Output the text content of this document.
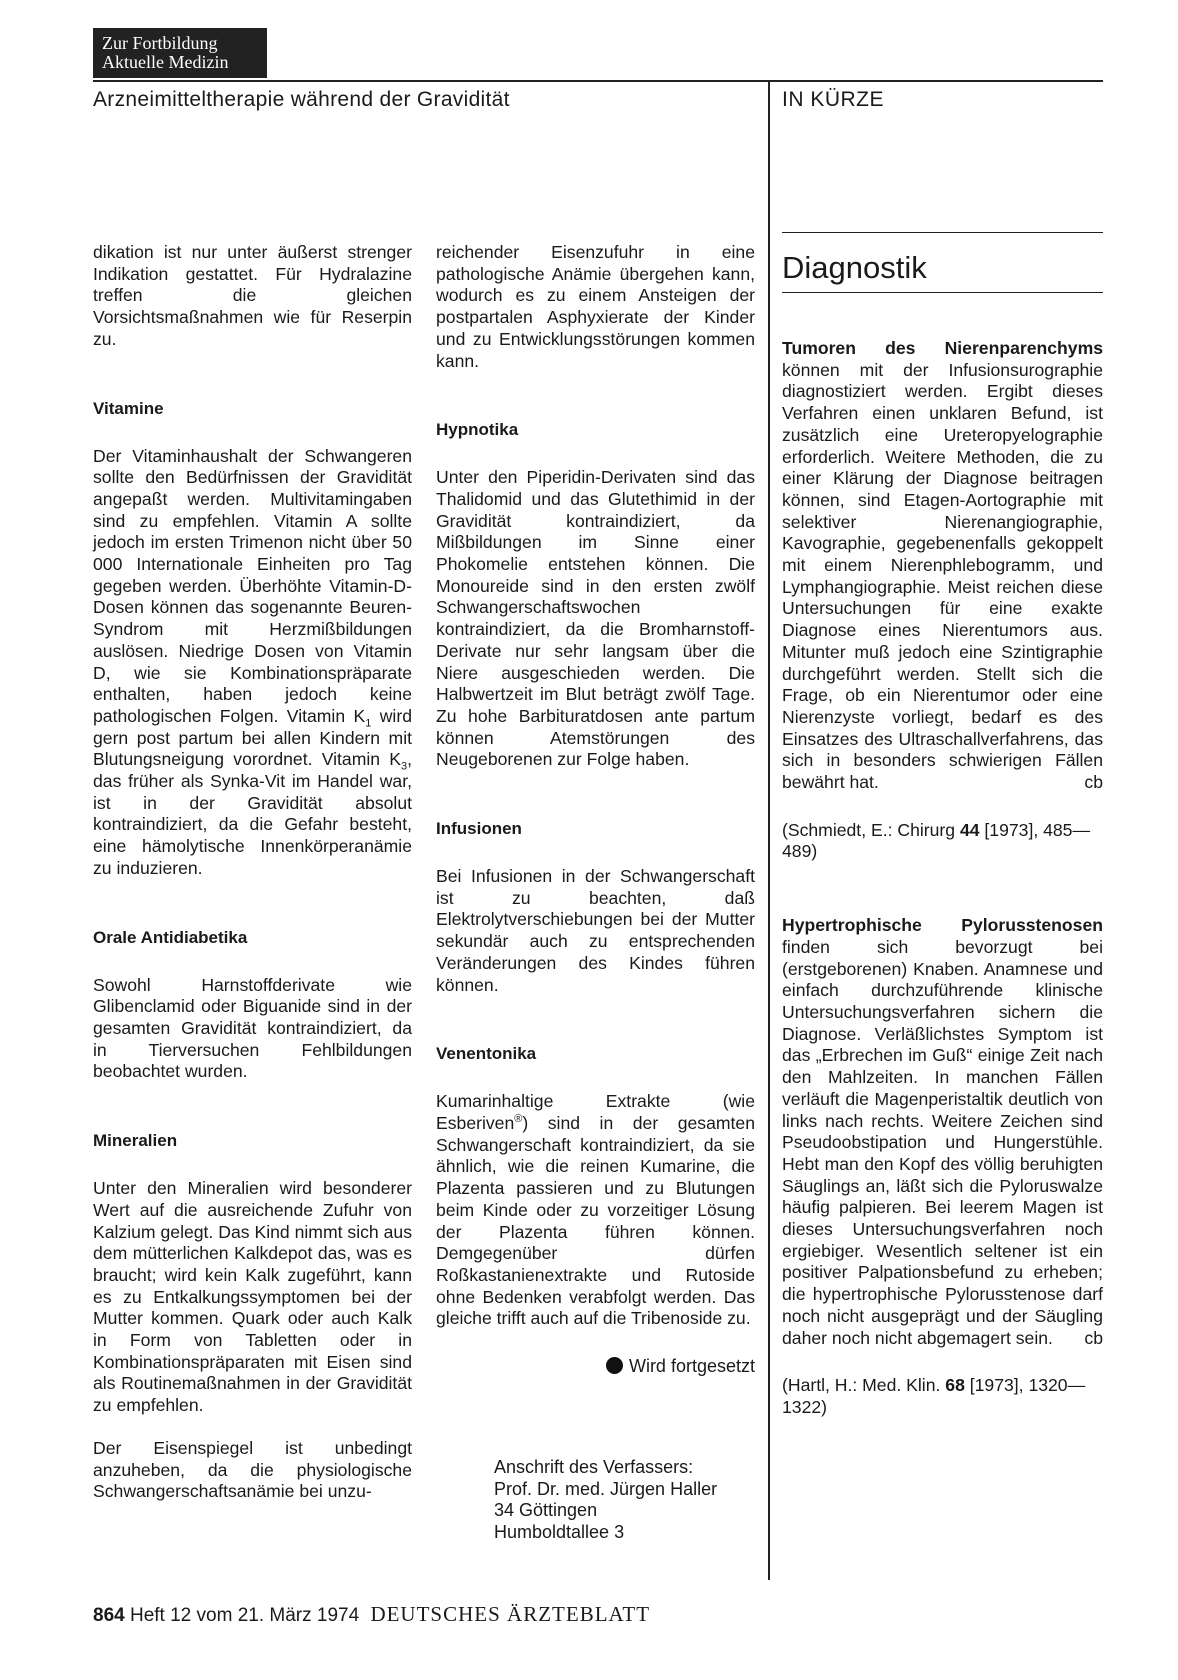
Zur Fortbildung
Aktuelle Medizin
Arzneimitteltherapie während der Gravidität	IN KÜRZE

dikation ist nur unter äußerst strenger Indikation gestattet. Für Hydralazine treffen die gleichen Vorsichtsmaßnahmen wie für Reserpin zu.

Vitamine

Der Vitaminhaushalt der Schwangeren sollte den Bedürfnissen der Gravidität angepaßt werden. Multivitamingaben sind zu empfehlen. Vitamin A sollte jedoch im ersten Trimenon nicht über 50 000 Internationale Einheiten pro Tag gegeben werden. Überhöhte Vitamin-D-Dosen können das sogenannte Beuren-Syndrom mit Herzmißbildungen auslösen. Niedrige Dosen von Vitamin D, wie sie Kombinationspräparate enthalten, haben jedoch keine pathologischen Folgen. Vitamin $K_1$ wird gern post partum bei allen Kindern mit Blutungsneigung vorordnet. Vitamin $K_3$, das früher als Synka-Vit im Handel war, ist in der Gravidität absolut kontraindiziert, da die Gefahr besteht, eine hämolytische Innenkörperanämie zu induzieren.

Orale Antidiabetika

Sowohl Harnstoffderivate wie Glibenclamid oder Biguanide sind in der gesamten Gravidität kontraindiziert, da in Tierversuchen Fehlbildungen beobachtet wurden.

Mineralien

Unter den Mineralien wird besonderer Wert auf die ausreichende Zufuhr von Kalzium gelegt. Das Kind nimmt sich aus dem mütterlichen Kalkdepot das, was es braucht; wird kein Kalk zugeführt, kann es zu Entkalkungssymptomen bei der Mutter kommen. Quark oder auch Kalk in Form von Tabletten oder in Kombinationspräparaten mit Eisen sind als Routinemaßnahmen in der Gravidität zu empfehlen.

Der Eisenspiegel ist unbedingt anzuheben, da die physiologische Schwangerschaftsanämie bei unzu-

reichender Eisenzufuhr in eine pathologische Anämie übergehen kann, wodurch es zu einem Ansteigen der postpartalen Asphyxierate der Kinder und zu Entwicklungsstörungen kommen kann.

Hypnotika

Unter den Piperidin-Derivaten sind das Thalidomid und das Glutethimid in der Gravidität kontraindiziert, da Mißbildungen im Sinne einer Phokomelie entstehen können. Die Monoureide sind in den ersten zwölf Schwangerschaftswochen kontraindiziert, da die Bromharnstoff-Derivate nur sehr langsam über die Niere ausgeschieden werden. Die Halbwertzeit im Blut beträgt zwölf Tage. Zu hohe Barbituratdosen ante partum können Atemstörungen des Neugeborenen zur Folge haben.

Infusionen

Bei Infusionen in der Schwangerschaft ist zu beachten, daß Elektrolytverschiebungen bei der Mutter sekundär auch zu entsprechenden Veränderungen des Kindes führen können.

Venentonika

Kumarinhaltige Extrakte (wie Esberiven®) sind in der gesamten Schwangerschaft kontraindiziert, da sie ähnlich, wie die reinen Kumarine, die Plazenta passieren und zu Blutungen beim Kinde oder zu vorzeitiger Lösung der Plazenta führen können. Demgegenüber dürfen Roßkastanienextrakte und Rutoside ohne Bedenken verabfolgt werden. Das gleiche trifft auch auf die Tribenoside zu.

Wird fortgesetzt

Anschrift des Verfassers:
Prof. Dr. med. Jürgen Haller
34 Göttingen
Humboldtallee 3
Diagnostik

Tumoren des Nierenparenchyms können mit der Infusionsurographie diagnostiziert werden. Ergibt dieses Verfahren einen unklaren Befund, ist zusätzlich eine Ureteropyelographie erforderlich. Weitere Methoden, die zu einer Klärung der Diagnose beitragen können, sind Etagen-Aortographie mit selektiver Nierenangiographie, Kavographie, gegebenenfalls gekoppelt mit einem Nierenphlebogramm, und Lymphangiographie. Meist reichen diese Untersuchungen für eine exakte Diagnose eines Nierentumors aus. Mitunter muß jedoch eine Szintigraphie durchgeführt werden. Stellt sich die Frage, ob ein Nierentumor oder eine Nierenzyste vorliegt, bedarf es des Einsatzes des Ultraschallverfahrens, das sich in besonders schwierigen Fällen bewährt hat.	cb

(Schmiedt, E.: Chirurg 44 [1973], 485—489)

Hypertrophische Pylorusstenosen finden sich bevorzugt bei (erstgeborenen) Knaben. Anamnese und einfach durchzuführende klinische Untersuchungsverfahren sichern die Diagnose. Verläßlichstes Symptom ist das „Erbrechen im Guß“ einige Zeit nach den Mahlzeiten. In manchen Fällen verläuft die Magenperistaltik deutlich von links nach rechts. Weitere Zeichen sind Pseudoobstipation und Hungerstühle. Hebt man den Kopf des völlig beruhigten Säuglings an, läßt sich die Pyloruswalze häufig palpieren. Bei leerem Magen ist dieses Untersuchungsverfahren noch ergiebiger. Wesentlich seltener ist ein positiver Palpationsbefund zu erheben; die hypertrophische Pylorusstenose darf noch nicht ausgeprägt und der Säugling daher noch nicht abgemagert sein. cb

(Hartl, H.: Med. Klin. 68 [1973], 1320—1322)

864 Heft 12 vom 21. März 1974 DEUTSCHES ÄRZTEBLATT
